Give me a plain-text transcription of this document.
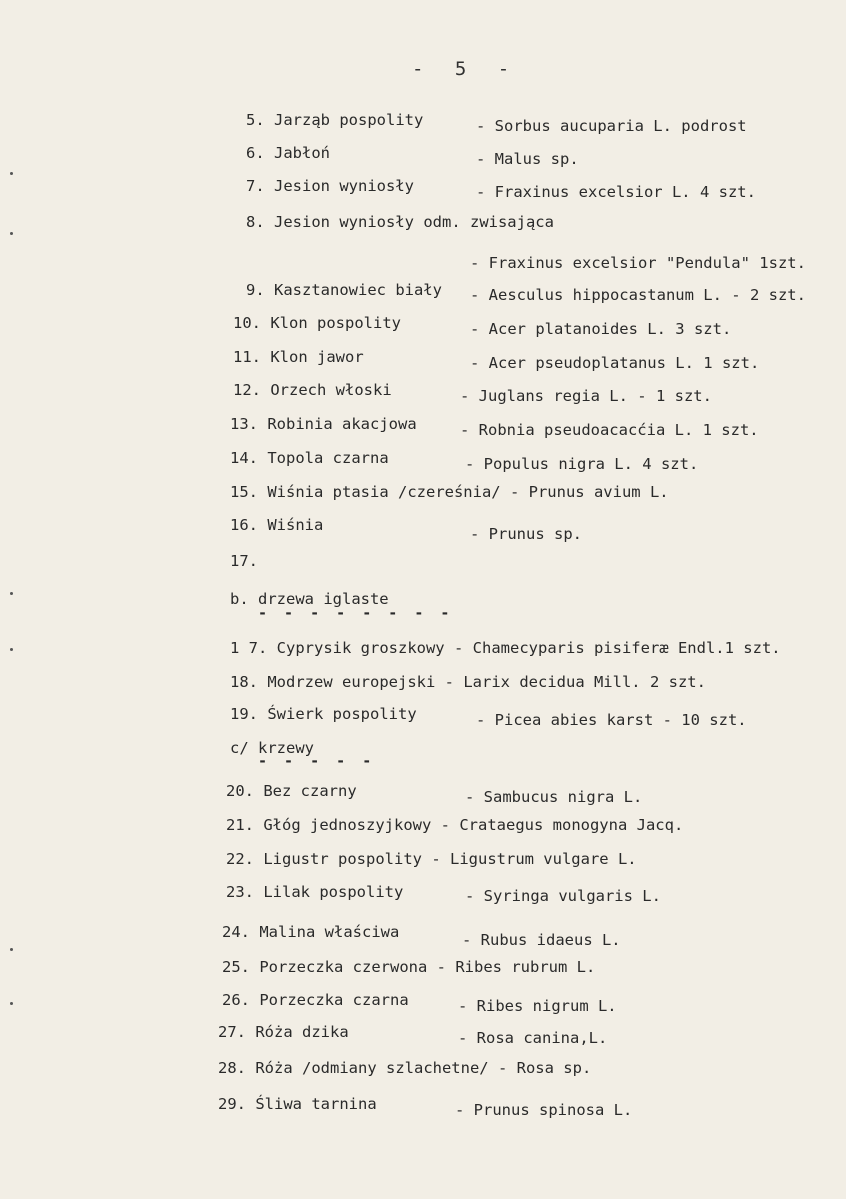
- 5 -
5. Jarząb pospolity	- Sorbus aucuparia L. podrost
6. Jabłoń	- Malus sp.
7. Jesion wyniosły	- Fraxinus excelsior L. 4 szt.
8. Jesion wyniosły odm. zwisająca
- Fraxinus excelsior "Pendula" 1szt.
9. Kasztanowiec biały - Aesculus hippocastanum L. - 2 szt.
10. Klon pospolity	- Acer platanoides L. 3 szt.
11. Klon jawor	- Acer pseudoplatanus L. 1 szt.
12. Orzech włoski	- Juglans regia L. - 1 szt.
13. Robinia akacjowa	- Robnia pseudoacacćia L. 1 szt.
14. Topola czarna	- Populus nigra L. 4 szt.
15. Wiśnia ptasia /czereśnia/ - Prunus avium L.
16. Wiśnia	- Prunus sp.
17.
b. drzewa iglaste
- - - - - - - -
1 7. Cyprysik groszkowy - Chamecyparis pisiferæ Endl.1 szt.
18. Modrzew europejski - Larix decidua Mill. 2 szt.
19. Świerk pospolity	- Picea abies karst - 10 szt.
c/ krzewy
- - - - -
20. Bez czarny	- Sambucus nigra L.
21. Głóg jednoszyjkowy - Crataegus monogyna Jacq.
22. Ligustr pospolity - Ligustrum vulgare L.
23. Lilak pospolity	- Syringa vulgaris L.
24. Malina właściwa	- Rubus idaeus L.
25. Porzeczka czerwona - Ribes rubrum L.
26. Porzeczka czarna	- Ribes nigrum L.
27. Róża dzika	- Rosa canina,L.
28. Róża /odmiany szlachetne/ - Rosa sp.
29. Śliwa tarnina	- Prunus spinosa L.
